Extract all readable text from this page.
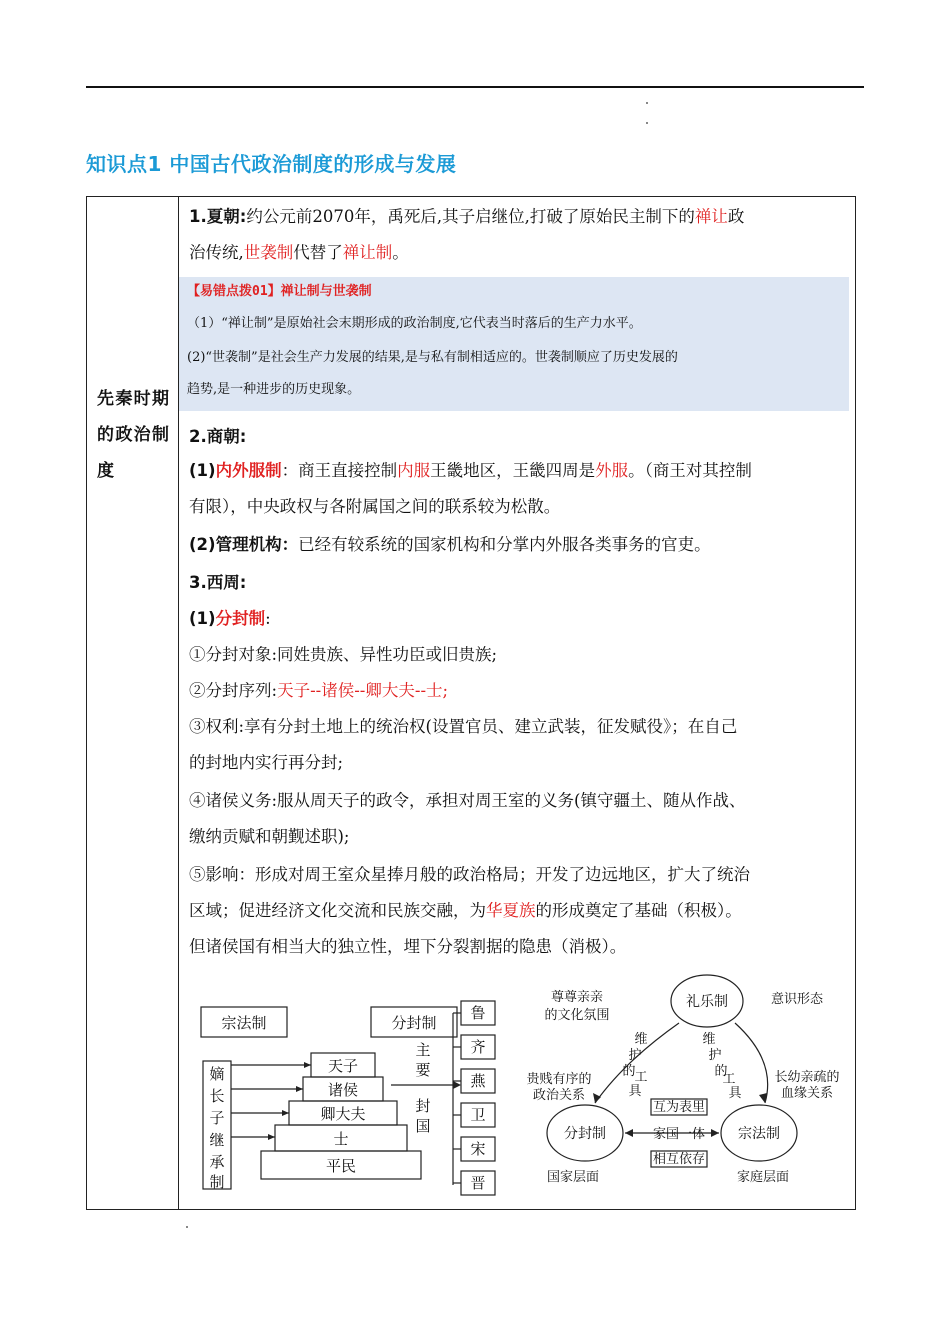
知识点1 中国古代政治制度的形成与发展
先秦时期的政治制度
【易错点拨01】禅让制与世袭制
（1）“禅让制”是原始社会末期形成的政治制度,它代表当时落后的生产力水平。
(2)“世袭制”是社会生产力发展的结果,是与私有制相适应的。世袭制顺应了历史发展的
趋势,是一种进步的历史现象。
1.夏朝:约公元前2070年，禹死后,其子启继位,打破了原始民主制下的禅让政
治传统,世袭制代替了禅让制。
2.商朝:
(1)内外服制：商王直接控制内服王畿地区，王畿四周是外服。（商王对其控制
有限），中央政权与各附属国之间的联系较为松散。
(2)管理机构：已经有较系统的国家机构和分掌内外服各类事务的官吏。
3.西周:
(1)分封制:
①分封对象:同姓贵族、异性功臣或旧贵族;
②分封序列:天子--诸侯--卿大夫--士;
③权利:享有分封土地上的统治权(设置官员、建立武装，征发赋役》；在自己
的封地内实行再分封;
④诸侯义务:服从周天子的政令，承担对周王室的义务(镇守疆土、随从作战、
缴纳贡赋和朝觐述职);
⑤影响：形成对周王室众星捧月般的政治格局；开发了边远地区，扩大了统治
区域；促进经济文化交流和民族交融，为华夏族的形成奠定了基础（积极）。
但诸侯国有相当大的独立性，埋下分裂割据的隐患（消极）。
宗法制	分封制
天子
诸侯
卿大夫
士
平民
嫡
长
子
继
承
制
主
要
封
国
鲁
齐
燕
卫
宋
晋
礼乐制
分封制	宗法制
尊尊亲亲
的文化氛围
意识形态
贵贱有序的
政治关系
长幼亲疏的
血缘关系
互为表里
家国一体
相互依存
国家层面	家庭层面
维
护
的
工
具
维
护
的
工
具
